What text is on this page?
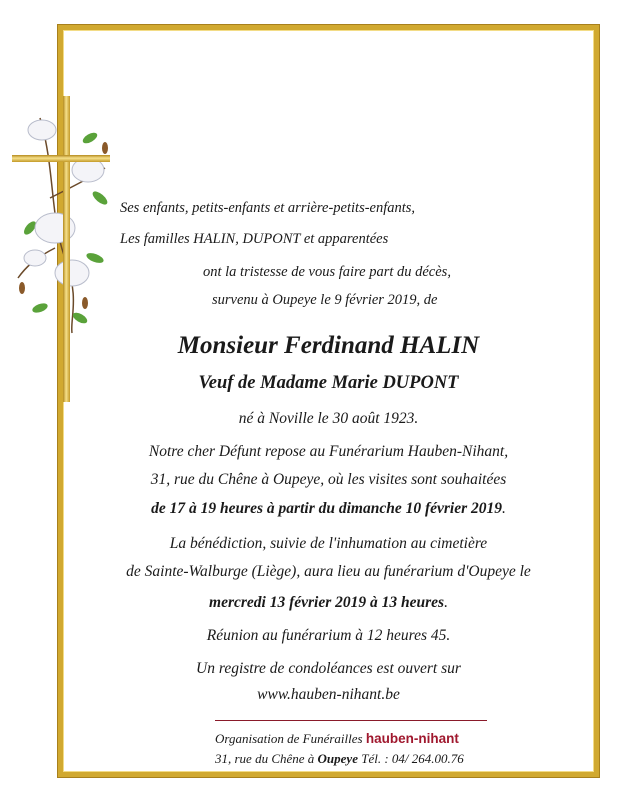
Ses enfants, petits-enfants et arrière-petits-enfants,
Les familles HALIN, DUPONT et apparentées
ont la tristesse de vous faire part du décès,
survenu à Oupeye le 9 février 2019, de
Monsieur Ferdinand HALIN
Veuf de Madame Marie DUPONT
né à Noville le 30 août 1923.
Notre cher Défunt repose au Funérarium Hauben-Nihant,
31, rue du Chêne à Oupeye, où les visites sont souhaitées
de 17 à 19 heures à partir du dimanche 10 février 2019.
La bénédiction, suivie de l'inhumation au cimetière
de Sainte-Walburge (Liège), aura lieu au funérarium d'Oupeye le
mercredi 13 février 2019 à 13 heures.
Réunion au funérarium à 12 heures 45.
Un registre de condoléances est ouvert sur
www.hauben-nihant.be
Organisation de Funérailles hauben-nihant
31, rue du Chêne à Oupeye Tél. : 04/ 264.00.76
